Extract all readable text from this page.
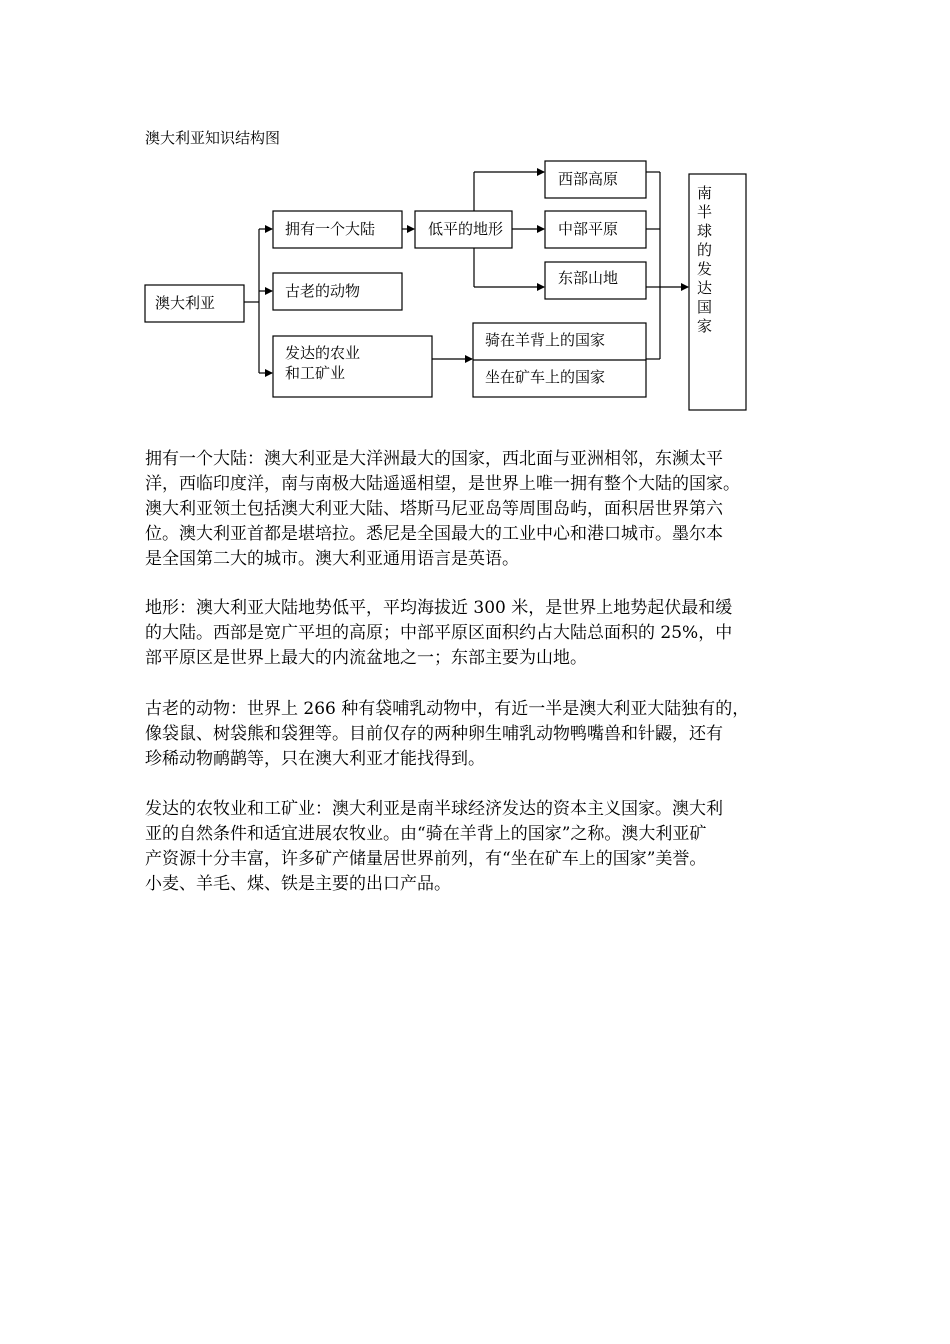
澳大利亚知识结构图
澳大利亚
拥有一个大陆
古老的动物
发达的农业
和工矿业
低平的地形
西部高原
中部平原
东部山地
骑在羊背上的国家
坐在矿车上的国家
南
半
球
的
发
达
国
家

拥有一个大陆：澳大利亚是大洋洲最大的国家，西北面与亚洲相邻，东濒太平
洋，西临印度洋，南与南极大陆遥遥相望，是世界上唯一拥有整个大陆的国家。
澳大利亚领土包括澳大利亚大陆、塔斯马尼亚岛等周围岛屿，面积居世界第六
位。澳大利亚首都是堪培拉。悉尼是全国最大的工业中心和港口城市。墨尔本
是全国第二大的城市。澳大利亚通用语言是英语。

地形：澳大利亚大陆地势低平，平均海拔近 300 米，是世界上地势起伏最和缓
的大陆。西部是宽广平坦的高原；中部平原区面积约占大陆总面积的 25%，中
部平原区是世界上最大的内流盆地之一；东部主要为山地。

古老的动物：世界上 266 种有袋哺乳动物中，有近一半是澳大利亚大陆独有的，
像袋鼠、树袋熊和袋狸等。目前仅存的两种卵生哺乳动物鸭嘴兽和针鼹，还有
珍稀动物鸸鹋等，只在澳大利亚才能找得到。

发达的农牧业和工矿业：澳大利亚是南半球经济发达的资本主义国家。澳大利
亚的自然条件和适宜进展农牧业。由“骑在羊背上的国家”之称。澳大利亚矿
产资源十分丰富，许多矿产储量居世界前列，有“坐在矿车上的国家”美誉。
小麦、羊毛、煤、铁是主要的出口产品。
